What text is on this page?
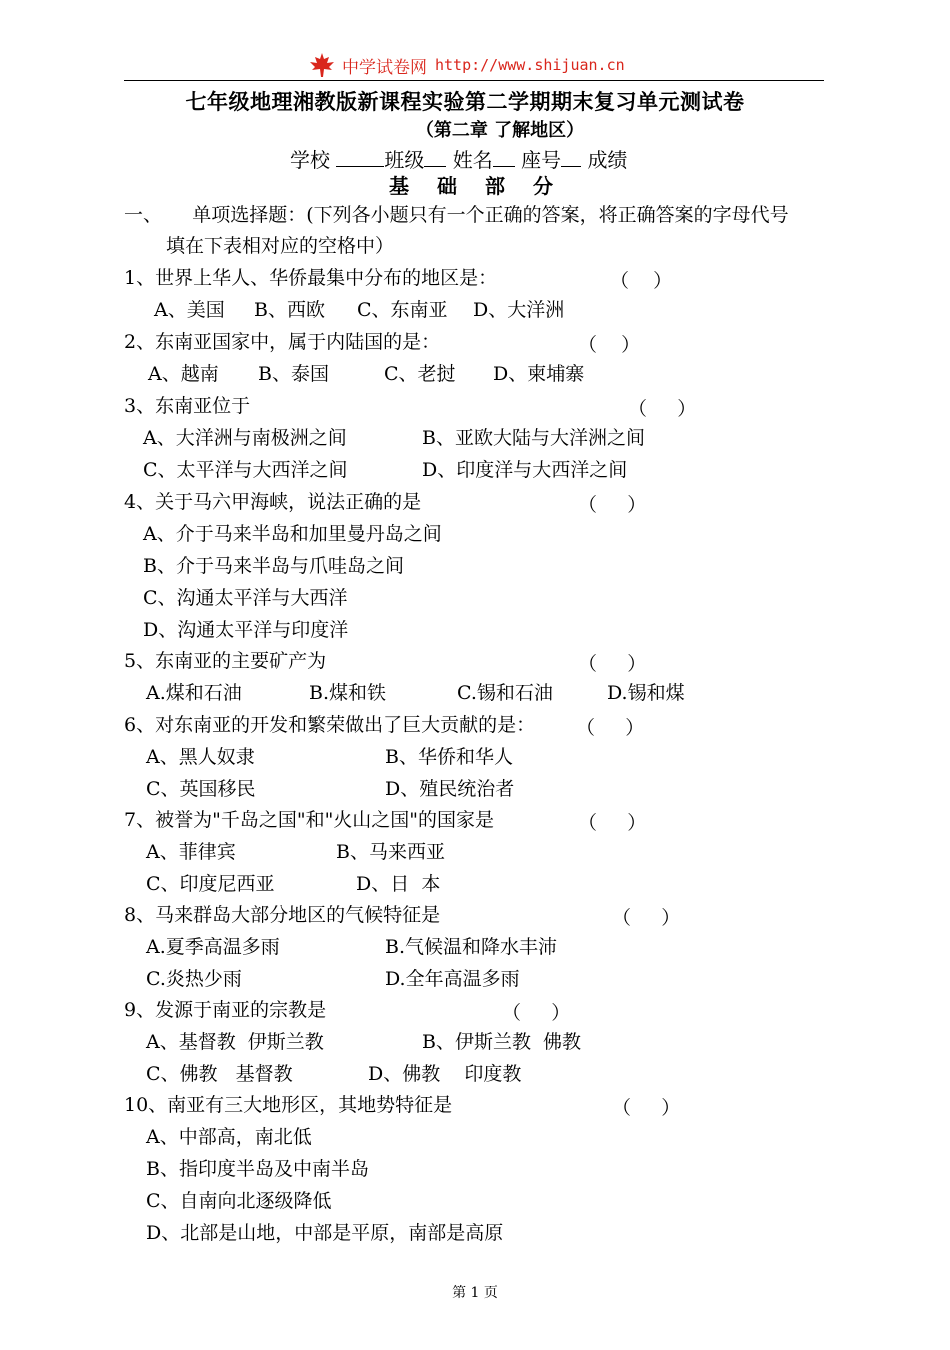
中学试卷网 http://www.shijuan.cn
七年级地理湘教版新课程实验第二学期期末复习单元测试卷
（第二章 了解地区）
学校	班级 姓名 座号 成绩
基础部分
一、     单项选择题：(下列各小题只有一个正确的答案，将正确答案的字母代号
填在下表相对应的空格中）
1、世界上华人、华侨最集中分布的地区是：	（    ）
A、美国 B、西欧 C、东南亚 D、大洋洲
2、东南亚国家中，属于内陆国的是：	（    ）
A、越南 B、泰国	C、老挝 D、柬埔寨
3、东南亚位于	（     ）
A、大洋洲与南极洲之间	B、亚欧大陆与大洋洲之间
C、太平洋与大西洋之间	D、印度洋与大西洋之间
4、关于马六甲海峡，说法正确的是	（     ）
A、介于马来半岛和加里曼丹岛之间
B、介于马来半岛与爪哇岛之间
C、沟通太平洋与大西洋
D、沟通太平洋与印度洋
5、东南亚的主要矿产为	（     ）
A.煤和石油	B.煤和铁	C.锡和石油	D.锡和煤
6、对东南亚的开发和繁荣做出了巨大贡献的是： （     ）
A、黑人奴隶	B、华侨和华人
C、英国移民	D、殖民统治者
7、被誉为"千岛之国"和"火山之国"的国家是	（     ）
A、菲律宾	B、马来西亚
C、印度尼西亚	D、日  本
8、马来群岛大部分地区的气候特征是	（     ）
A.夏季高温多雨	B.气候温和降水丰沛
C.炎热少雨	D.全年高温多雨
9、发源于南亚的宗教是	（     ）
A、基督教  伊斯兰教	B、伊斯兰教  佛教
C、佛教   基督教	D、佛教    印度教
10、南亚有三大地形区，其地势特征是	（     ）
A、中部高，南北低
B、指印度半岛及中南半岛
C、自南向北逐级降低
D、北部是山地，中部是平原，南部是高原
第 1 页
